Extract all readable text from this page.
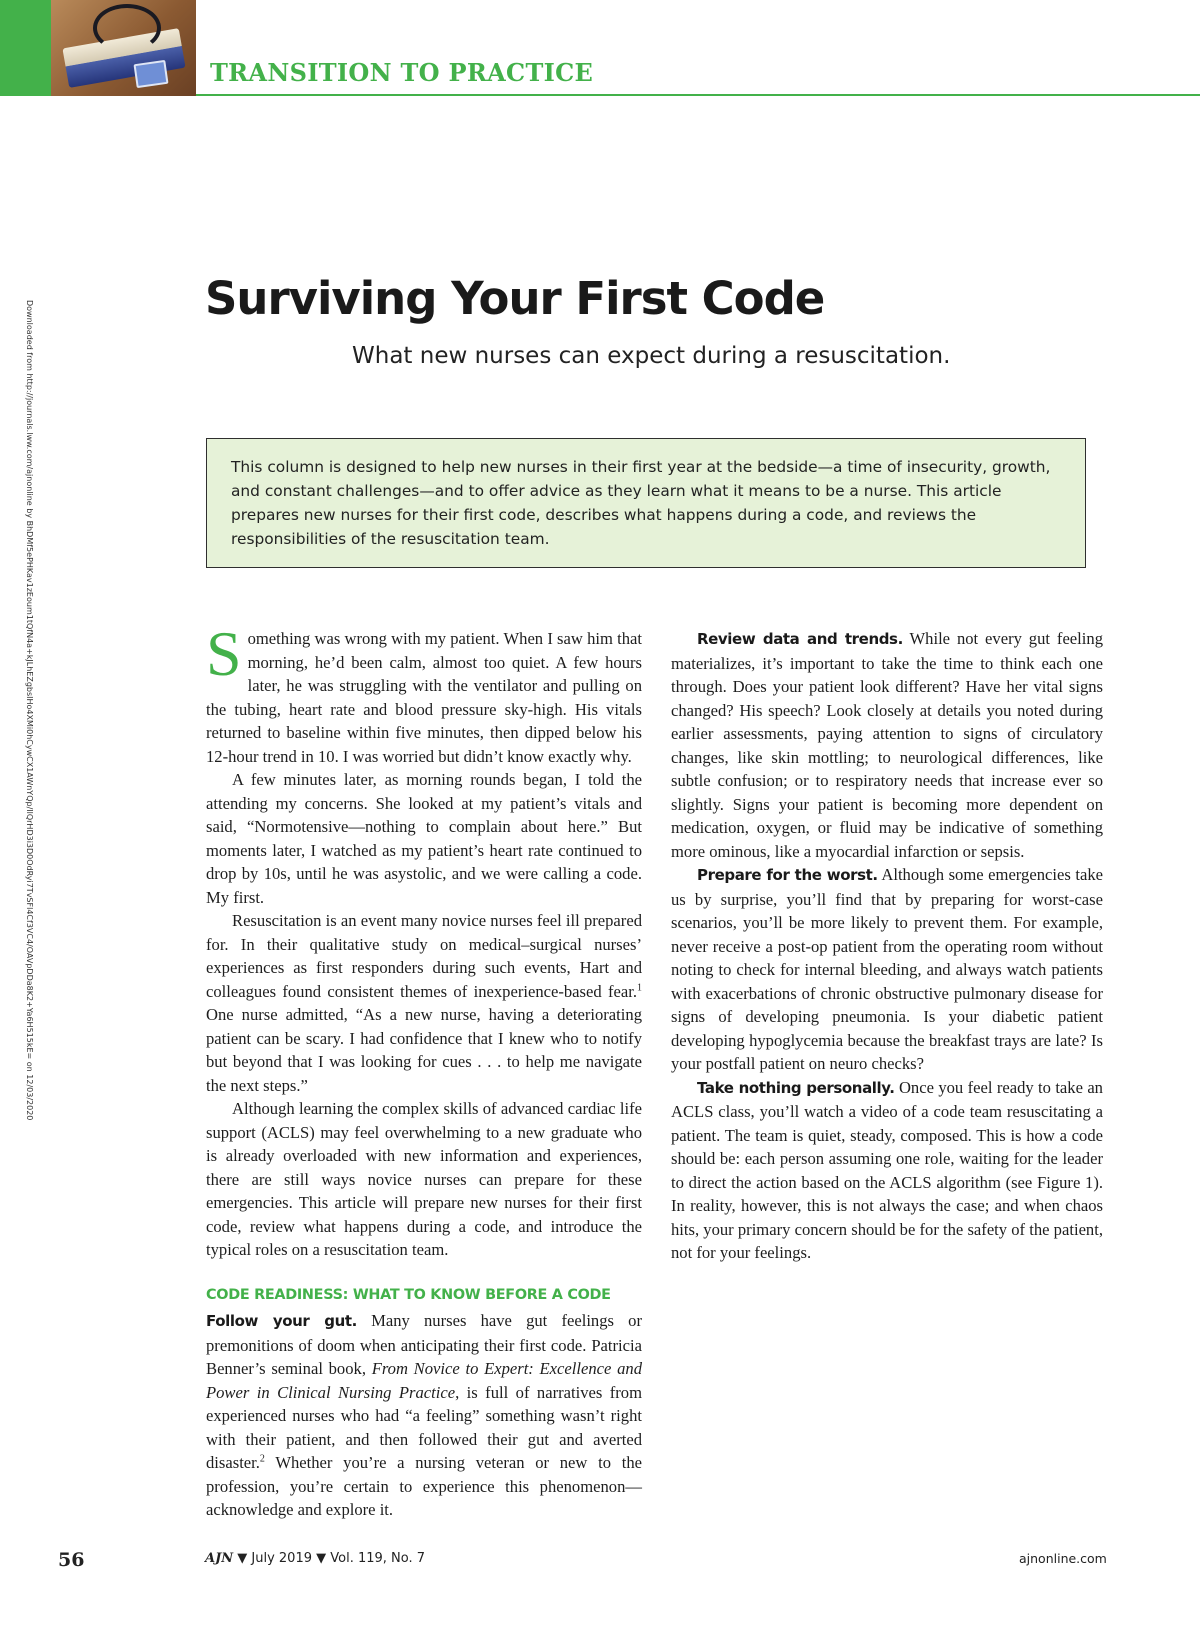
TRANSITION TO PRACTICE
Downloaded from http://journals.lww.com/ajnonline by BhDMf5ePHKav1zEoum1tQfN4a+kJLhEZgbsIHo4XMi0hCywCX1AWnYQp/IlQrHD3i3D0OdRyi7TvSFl4Cf3VC4/OAVpDDa8K2+Ya6H515kE= on 12/03/2020
Surviving Your First Code

What new nurses can expect during a resuscitation.

This column is designed to help new nurses in their first year at the bedside—a time of insecurity, growth, and constant challenges—and to offer advice as they learn what it means to be a nurse. This article prepares new nurses for their first code, describes what happens during a code, and reviews the responsibilities of the resuscitation team.

Something was wrong with my patient. When I saw him that morning, he’d been calm, almost too quiet. A few hours later, he was struggling with the ventilator and pulling on the tubing, heart rate and blood pressure sky-high. His vitals returned to baseline within five minutes, then dipped below his 12-hour trend in 10. I was worried but didn’t know exactly why.

A few minutes later, as morning rounds began, I told the attending my concerns. She looked at my patient’s vitals and said, “Normotensive—nothing to complain about here.” But moments later, I watched as my patient’s heart rate continued to drop by 10s, until he was asystolic, and we were calling a code. My first.

Resuscitation is an event many novice nurses feel ill prepared for. In their qualitative study on medical–surgical nurses’ experiences as first responders during such events, Hart and colleagues found consistent themes of inexperience-based fear.$^1$ One nurse admitted, “As a new nurse, having a deteriorating patient can be scary. I had confidence that I knew who to notify but beyond that I was looking for cues . . . to help me navigate the next steps.”

Although learning the complex skills of advanced cardiac life support (ACLS) may feel overwhelming to a new graduate who is already overloaded with new information and experiences, there are still ways novice nurses can prepare for these emergencies. This article will prepare new nurses for their first code, review what happens during a code, and introduce the typical roles on a resuscitation team.

CODE READINESS: WHAT TO KNOW BEFORE A CODE

Follow your gut. Many nurses have gut feelings or premonitions of doom when anticipating their first code. Patricia Benner’s seminal book, From Novice to Expert: Excellence and Power in Clinical Nursing Practice, is full of narratives from experienced nurses who had “a feeling” something wasn’t right with their patient, and then followed their gut and averted disaster.$^2$ Whether you’re a nursing veteran or new to the profession, you’re certain to experience this phenomenon—acknowledge and explore it.

Review data and trends. While not every gut feeling materializes, it’s important to take the time to think each one through. Does your patient look different? Have her vital signs changed? His speech? Look closely at details you noted during earlier assessments, paying attention to signs of circulatory changes, like skin mottling; to neurological differences, like subtle confusion; or to respiratory needs that increase ever so slightly. Signs your patient is becoming more dependent on medication, oxygen, or fluid may be indicative of something more ominous, like a myocardial infarction or sepsis.

Prepare for the worst. Although some emergencies take us by surprise, you’ll find that by preparing for worst-case scenarios, you’ll be more likely to prevent them. For example, never receive a post-op patient from the operating room without noting to check for internal bleeding, and always watch patients with exacerbations of chronic obstructive pulmonary disease for signs of developing pneumonia. Is your diabetic patient developing hypoglycemia because the breakfast trays are late? Is your postfall patient on neuro checks?

Take nothing personally. Once you feel ready to take an ACLS class, you’ll watch a video of a code team resuscitating a patient. The team is quiet, steady, composed. This is how a code should be: each person assuming one role, waiting for the leader to direct the action based on the ACLS algorithm (see Figure 1). In reality, however, this is not always the case; and when chaos hits, your primary concern should be for the safety of the patient, not for your feelings.

56	AJN ▼ July 2019 ▼ Vol. 119, No. 7	ajnonline.com
